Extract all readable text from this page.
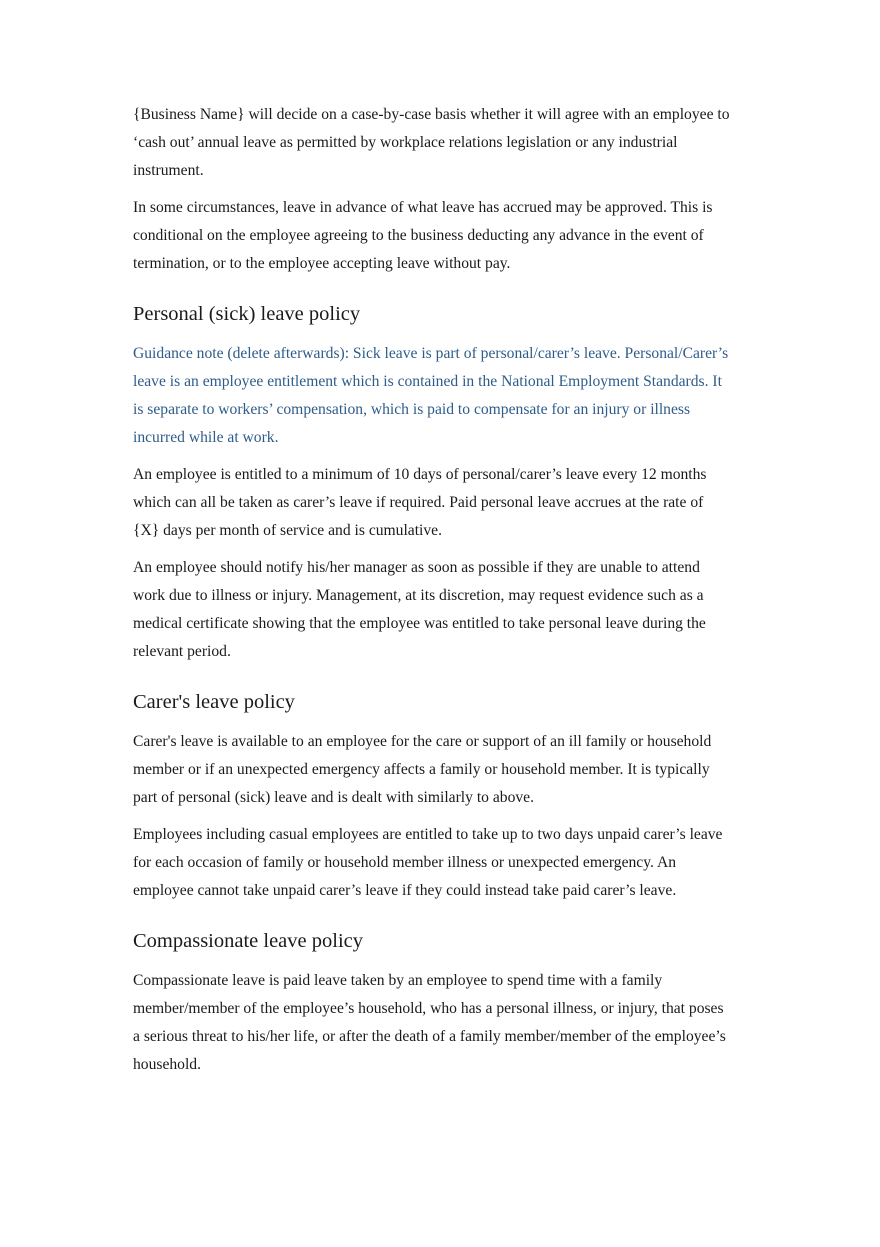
{Business Name} will decide on a case-by-case basis whether it will agree with an employee to ‘cash out’ annual leave as permitted by workplace relations legislation or any industrial instrument.

In some circumstances, leave in advance of what leave has accrued may be approved. This is conditional on the employee agreeing to the business deducting any advance in the event of termination, or to the employee accepting leave without pay.

Personal (sick) leave policy

Guidance note (delete afterwards): Sick leave is part of personal/carer’s leave. Personal/Carer’s leave is an employee entitlement which is contained in the National Employment Standards. It is separate to workers’ compensation, which is paid to compensate for an injury or illness incurred while at work.

An employee is entitled to a minimum of 10 days of personal/carer’s leave every 12 months which can all be taken as carer’s leave if required. Paid personal leave accrues at the rate of {X} days per month of service and is cumulative.

An employee should notify his/her manager as soon as possible if they are unable to attend work due to illness or injury. Management, at its discretion, may request evidence such as a medical certificate showing that the employee was entitled to take personal leave during the relevant period.

Carer's leave policy

Carer's leave is available to an employee for the care or support of an ill family or household member or if an unexpected emergency affects a family or household member. It is typically part of personal (sick) leave and is dealt with similarly to above.

Employees including casual employees are entitled to take up to two days unpaid carer’s leave for each occasion of family or household member illness or unexpected emergency. An employee cannot take unpaid carer’s leave if they could instead take paid carer’s leave.

Compassionate leave policy

Compassionate leave is paid leave taken by an employee to spend time with a family member/member of the employee’s household, who has a personal illness, or injury, that poses a serious threat to his/her life, or after the death of a family member/member of the employee’s household.
